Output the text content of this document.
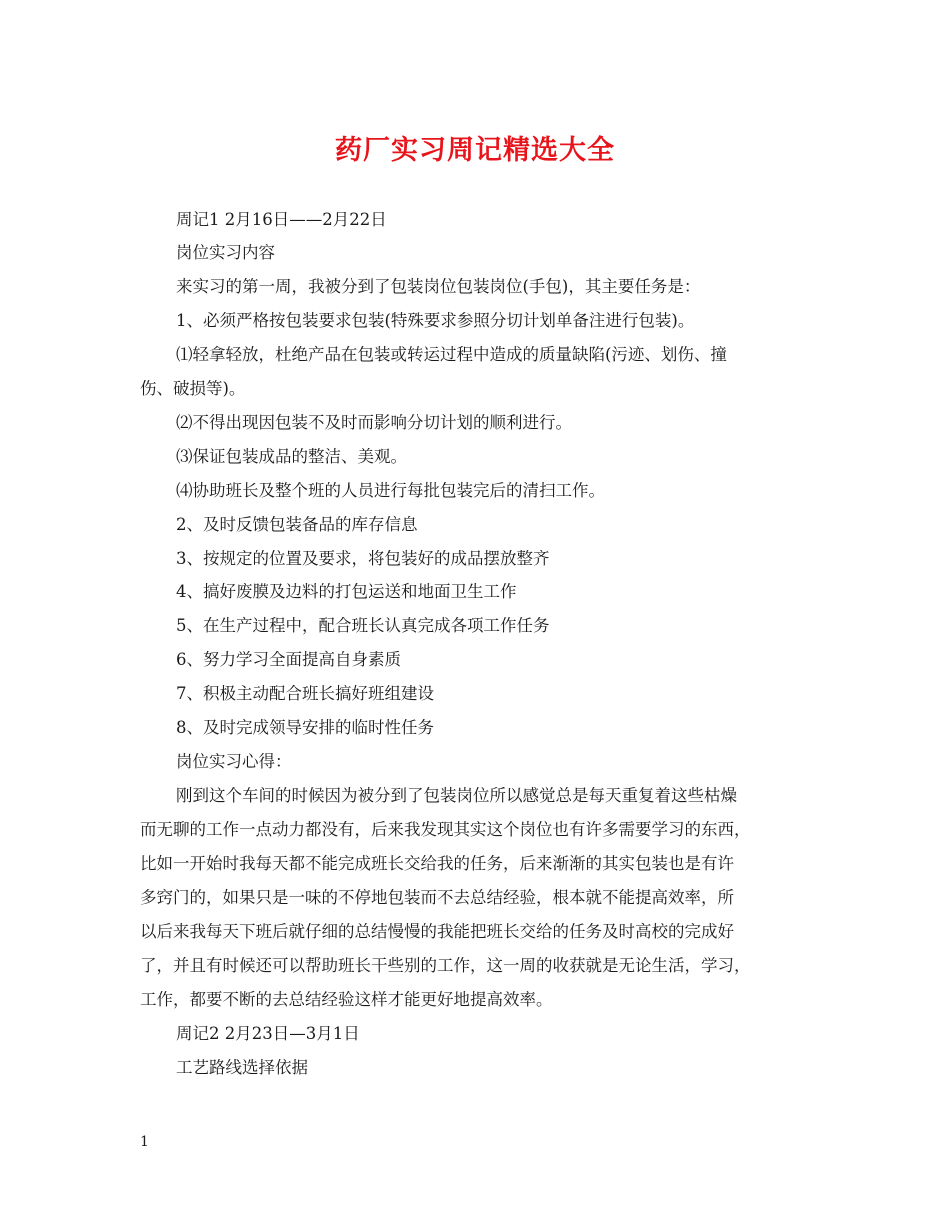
药厂实习周记精选大全
周记1 2月16日——2月22日
岗位实习内容
来实习的第一周，我被分到了包装岗位包装岗位(手包)，其主要任务是：
1、必须严格按包装要求包装(特殊要求参照分切计划单备注进行包装)。
⑴轻拿轻放，杜绝产品在包装或转运过程中造成的质量缺陷(污迹、划伤、撞
伤、破损等)。
⑵不得出现因包装不及时而影响分切计划的顺利进行。
⑶保证包装成品的整洁、美观。
⑷协助班长及整个班的人员进行每批包装完后的清扫工作。
2、及时反馈包装备品的库存信息
3、按规定的位置及要求，将包装好的成品摆放整齐
4、搞好废膜及边料的打包运送和地面卫生工作
5、在生产过程中，配合班长认真完成各项工作任务
6、努力学习全面提高自身素质
7、积极主动配合班长搞好班组建设
8、及时完成领导安排的临时性任务
岗位实习心得：
刚到这个车间的时候因为被分到了包装岗位所以感觉总是每天重复着这些枯燥
而无聊的工作一点动力都没有，后来我发现其实这个岗位也有许多需要学习的东西，
比如一开始时我每天都不能完成班长交给我的任务，后来渐渐的其实包装也是有许
多窍门的，如果只是一味的不停地包装而不去总结经验，根本就不能提高效率，所
以后来我每天下班后就仔细的总结慢慢的我能把班长交给的任务及时高校的完成好
了，并且有时候还可以帮助班长干些别的工作，这一周的收获就是无论生活，学习，
工作，都要不断的去总结经验这样才能更好地提高效率。
周记2 2月23日—3月1日
工艺路线选择依据
1
